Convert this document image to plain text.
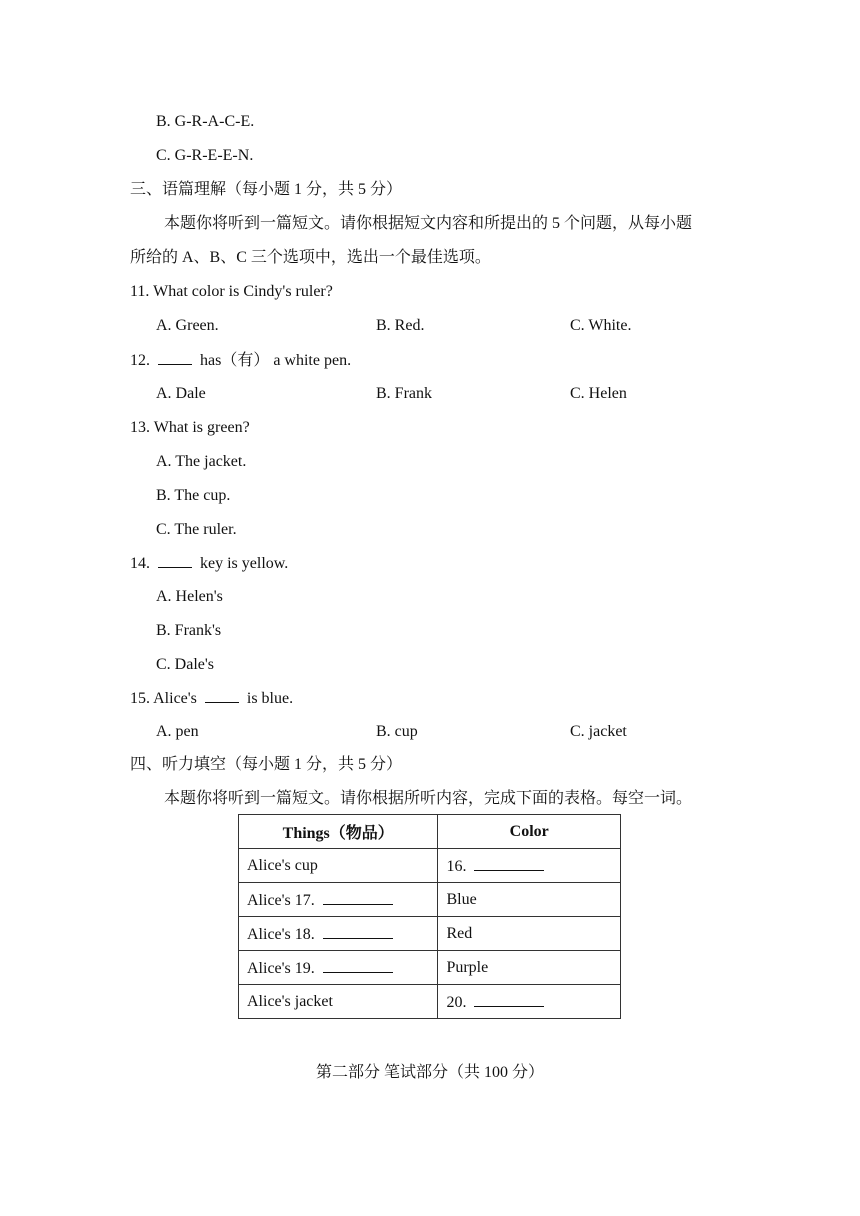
B. G-R-A-C-E.
C. G-R-E-E-N.
三、语篇理解（每小题 1 分，共 5 分）
本题你将听到一篇短文。请你根据短文内容和所提出的 5 个问题，从每小题
所给的 A、B、C 三个选项中，选出一个最佳选项。
11. What color is Cindy's ruler?
A. Green.	B. Red.	C. White.
12.	has（有） a white pen.
A. Dale	B. Frank	C. Helen
13. What is green?
A. The jacket.
B. The cup.
C. The ruler.
14.	key is yellow.
A. Helen's
B. Frank's
C. Dale's
15. Alice's	is blue.
A. pen	B. cup	C. jacket
四、听力填空（每小题 1 分，共 5 分）
本题你将听到一篇短文。请你根据所听内容，完成下面的表格。每空一词。
Things（物品）	Color
Alice's cup	16.
Alice's 17.	Blue
Alice's 18.	Red
Alice's 19.	Purple
Alice's jacket	20.
第二部分 笔试部分（共 100 分）
